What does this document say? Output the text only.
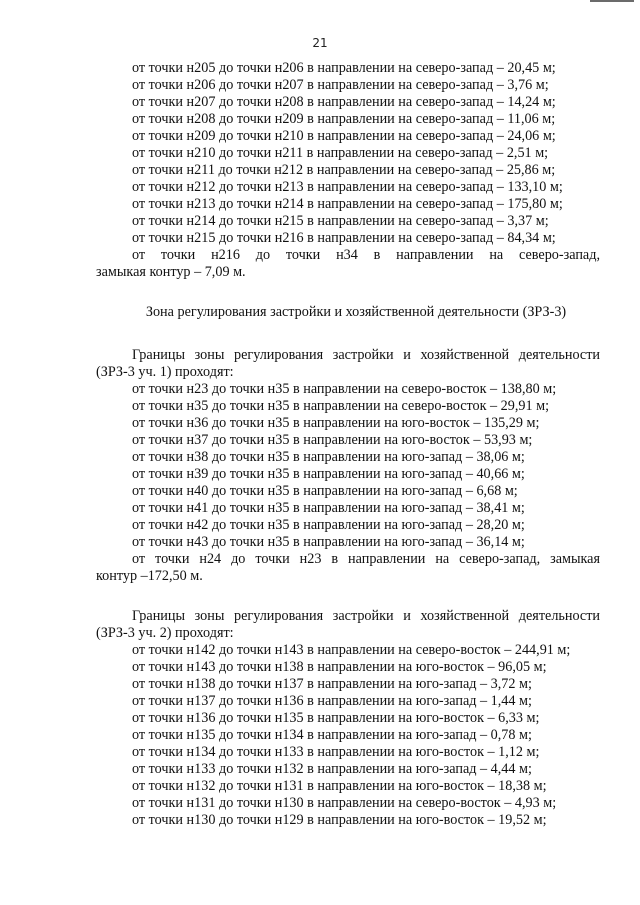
21
от точки н205 до точки н206 в направлении на северо-запад – 20,45 м;
от точки н206 до точки н207 в направлении на северо-запад – 3,76 м;
от точки н207 до точки н208 в направлении на северо-запад – 14,24 м;
от точки н208 до точки н209 в направлении на северо-запад – 11,06 м;
от точки н209 до точки н210 в направлении на северо-запад – 24,06 м;
от точки н210 до точки н211 в направлении на северо-запад – 2,51 м;
от точки н211 до точки н212 в направлении на северо-запад – 25,86 м;
от точки н212 до точки н213 в направлении на северо-запад – 133,10 м;
от точки н213 до точки н214 в направлении на северо-запад – 175,80 м;
от точки н214 до точки н215 в направлении на северо-запад – 3,37 м;
от точки н215 до точки н216 в направлении на северо-запад – 84,34 м;
от точки н216 до точки н34 в направлении на северо-запад,
замыкая контур – 7,09 м.
Зона регулирования застройки и хозяйственной деятельности (ЗРЗ-3)
Границы зоны регулирования застройки и хозяйственной деятельности
(ЗРЗ-3 уч. 1) проходят:
от точки н23 до точки н35 в направлении на северо-восток – 138,80 м;
от точки н35 до точки н35 в направлении на северо-восток – 29,91 м;
от точки н36 до точки н35 в направлении на юго-восток – 135,29 м;
от точки н37 до точки н35 в направлении на юго-восток – 53,93 м;
от точки н38 до точки н35 в направлении на юго-запад – 38,06 м;
от точки н39 до точки н35 в направлении на юго-запад – 40,66 м;
от точки н40 до точки н35 в направлении на юго-запад – 6,68 м;
от точки н41 до точки н35 в направлении на юго-запад – 38,41 м;
от точки н42 до точки н35 в направлении на юго-запад – 28,20 м;
от точки н43 до точки н35 в направлении на юго-запад – 36,14 м;
от точки н24 до точки н23 в направлении на северо-запад, замыкая
контур –172,50 м.
Границы зоны регулирования застройки и хозяйственной деятельности
(ЗРЗ-3 уч. 2) проходят:
от точки н142 до точки н143 в направлении на северо-восток – 244,91 м;
от точки н143 до точки н138 в направлении на юго-восток – 96,05 м;
от точки н138 до точки н137 в направлении на юго-запад – 3,72 м;
от точки н137 до точки н136 в направлении на юго-запад – 1,44 м;
от точки н136 до точки н135 в направлении на юго-восток – 6,33 м;
от точки н135 до точки н134 в направлении на юго-запад – 0,78 м;
от точки н134 до точки н133 в направлении на юго-восток – 1,12 м;
от точки н133 до точки н132 в направлении на юго-запад – 4,44 м;
от точки н132 до точки н131 в направлении на юго-восток – 18,38 м;
от точки н131 до точки н130 в направлении на северо-восток – 4,93 м;
от точки н130 до точки н129 в направлении на юго-восток – 19,52 м;
